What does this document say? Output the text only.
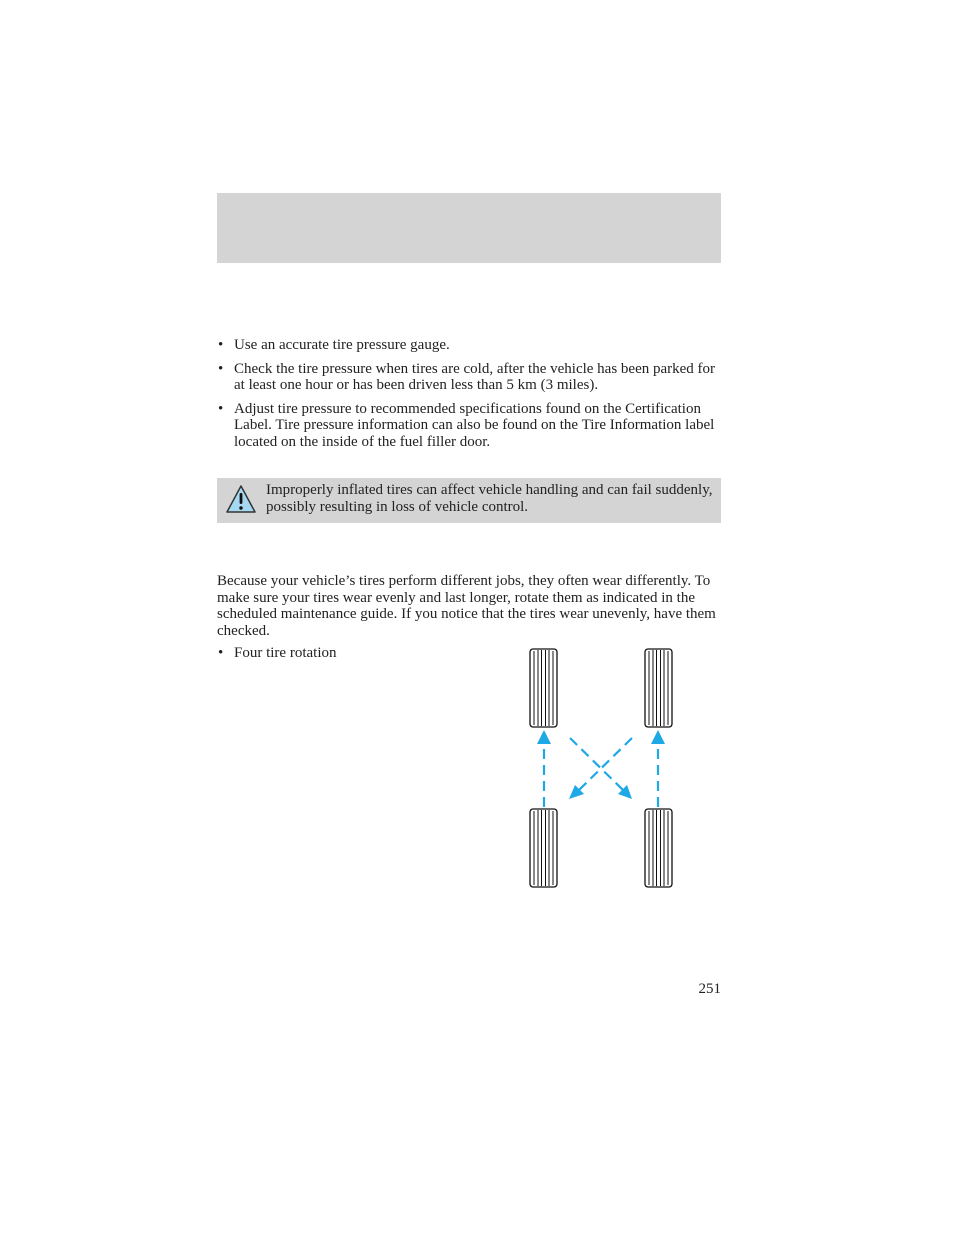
• Use an accurate tire pressure gauge.
• Check the tire pressure when tires are cold, after the vehicle has been parked for at least one hour or has been driven less than 5 km (3 miles).
• Adjust tire pressure to recommended specifications found on the Certification Label. Tire pressure information can also be found on the Tire Information label located on the inside of the fuel filler door.
Improperly inflated tires can affect vehicle handling and can fail suddenly, possibly resulting in loss of vehicle control.

Because your vehicle’s tires perform different jobs, they often wear differently. To make sure your tires wear evenly and last longer, rotate them as indicated in the scheduled maintenance guide. If you notice that the tires wear unevenly, have them checked.

• Four tire rotation
251
